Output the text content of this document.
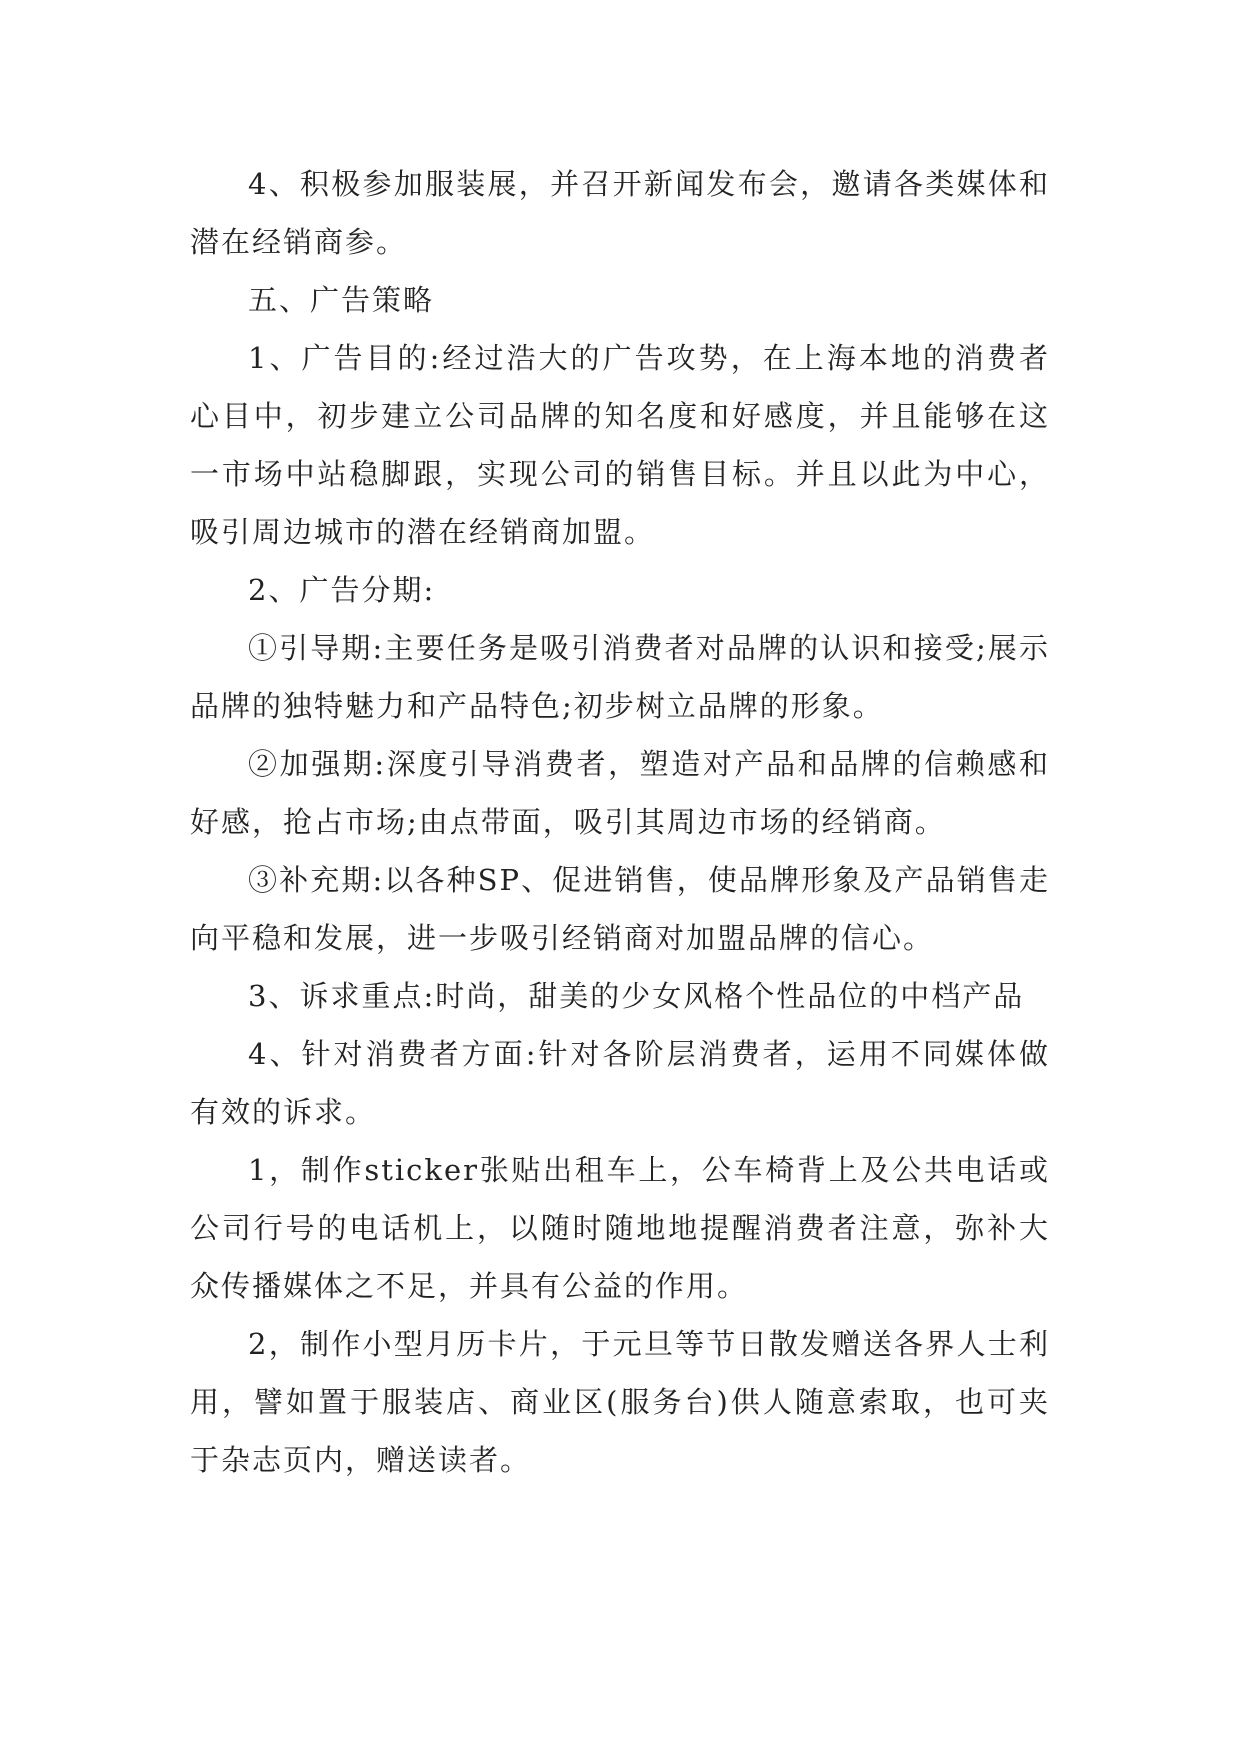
4、积极参加服装展，并召开新闻发布会，邀请各类媒体和潜在经销商参。

五、广告策略

1、广告目的:经过浩大的广告攻势，在上海本地的消费者心目中，初步建立公司品牌的知名度和好感度，并且能够在这一市场中站稳脚跟，实现公司的销售目标。并且以此为中心，吸引周边城市的潜在经销商加盟。

2、广告分期:

①引导期:主要任务是吸引消费者对品牌的认识和接受;展示品牌的独特魅力和产品特色;初步树立品牌的形象。

②加强期:深度引导消费者，塑造对产品和品牌的信赖感和好感，抢占市场;由点带面，吸引其周边市场的经销商。

③补充期:以各种SP、促进销售，使品牌形象及产品销售走向平稳和发展，进一步吸引经销商对加盟品牌的信心。

3、诉求重点:时尚，甜美的少女风格个性品位的中档产品

4、针对消费者方面:针对各阶层消费者，运用不同媒体做有效的诉求。

1，制作sticker张贴出租车上，公车椅背上及公共电话或公司行号的电话机上，以随时随地地提醒消费者注意，弥补大众传播媒体之不足，并具有公益的作用。

2，制作小型月历卡片，于元旦等节日散发赠送各界人士利用，譬如置于服装店、商业区(服务台)供人随意索取，也可夹于杂志页内，赠送读者。
